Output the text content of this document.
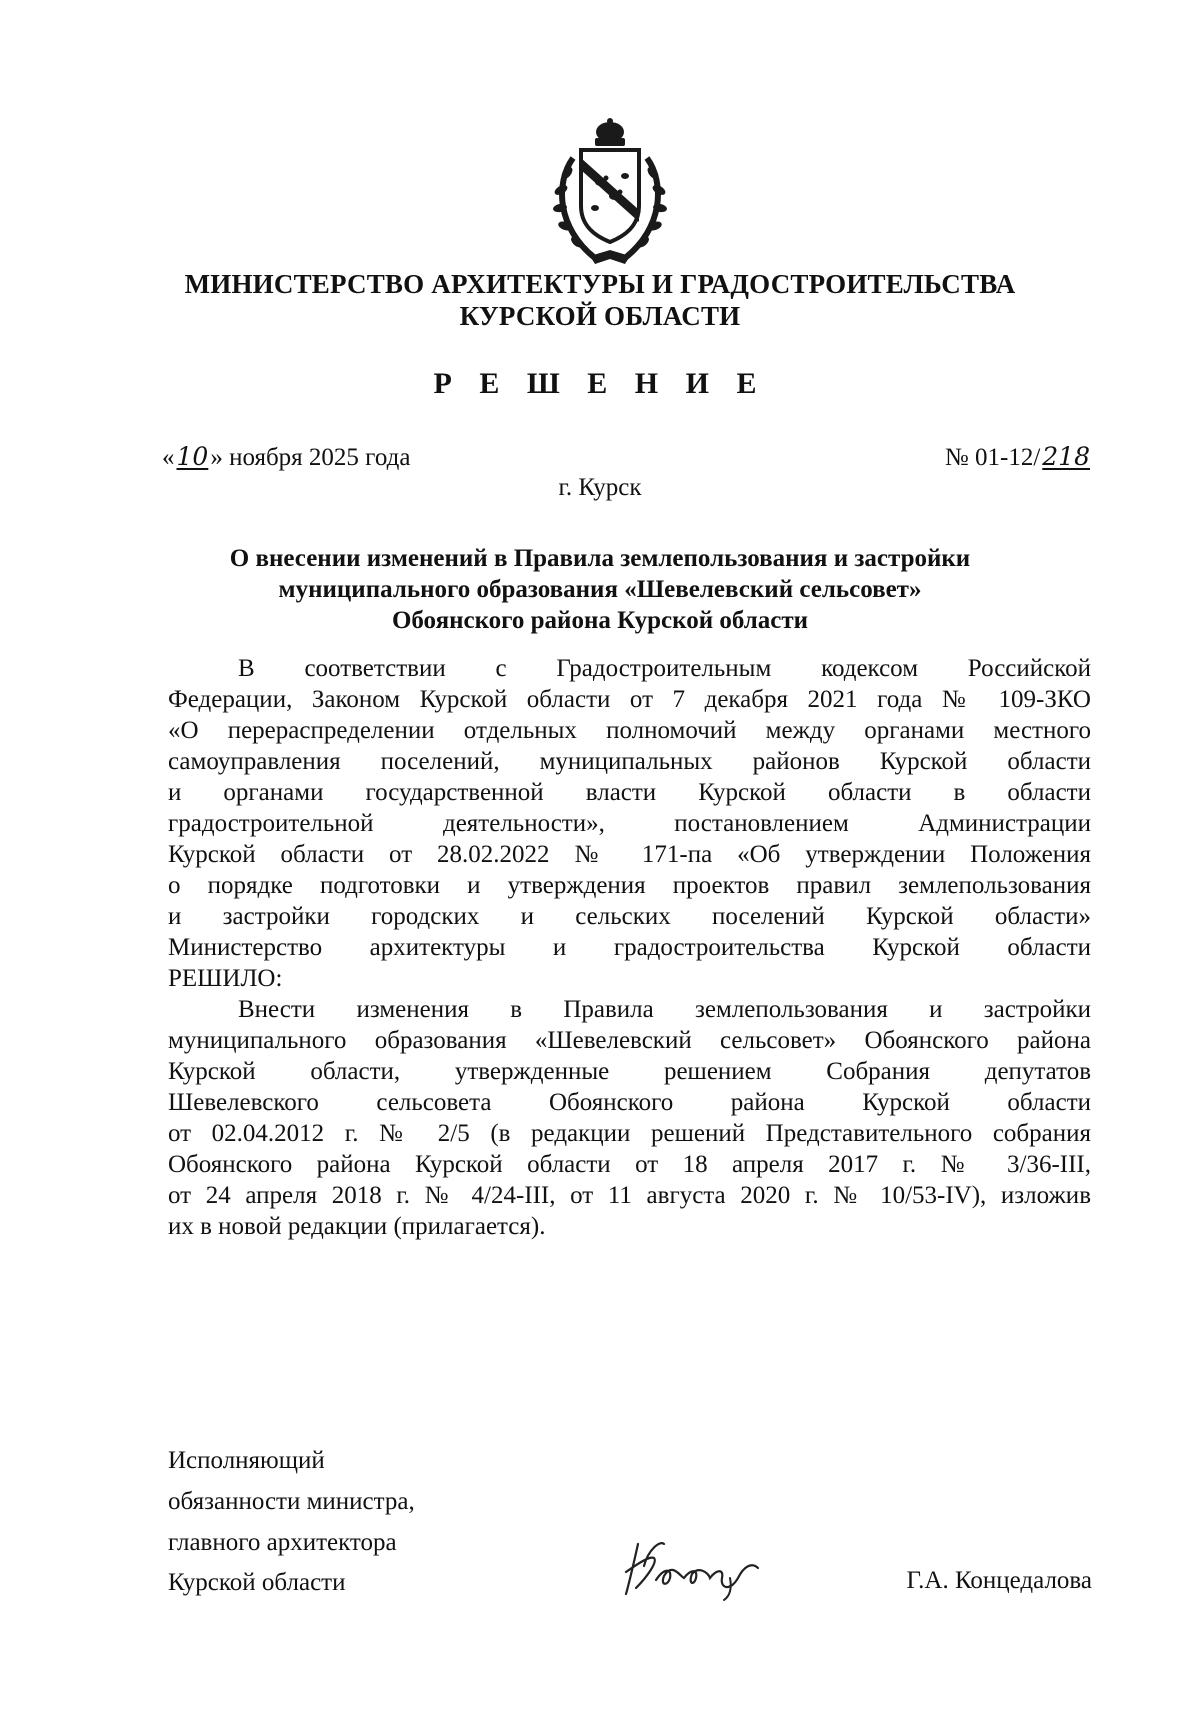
МИНИСТЕРСТВО АРХИТЕКТУРЫ И ГРАДОСТРОИТЕЛЬСТВА
КУРСКОЙ ОБЛАСТИ
Р Е Ш Е Н И Е
«10» ноября 2025 года	№ 01-12/218
г. Курск
О внесении изменений в Правила землепользования и застройки
муниципального образования «Шевелевский сельсовет»
Обоянского района Курской области
В соответствии с Градостроительным кодексом Российской
Федерации, Законом Курской области от 7 декабря 2021 года № 109-ЗКО
«О перераспределении отдельных полномочий между органами местного
самоуправления поселений, муниципальных районов Курской области
и органами государственной власти Курской области в области
градостроительной деятельности», постановлением Администрации
Курской области от 28.02.2022 № 171-па «Об утверждении Положения
о порядке подготовки и утверждения проектов правил землепользования
и застройки городских и сельских поселений Курской области»
Министерство архитектуры и градостроительства Курской области
РЕШИЛО:
Внести изменения в Правила землепользования и застройки
муниципального образования «Шевелевский сельсовет» Обоянского района
Курской области, утвержденные решением Собрания депутатов
Шевелевского сельсовета Обоянского района Курской области
от 02.04.2012 г. № 2/5 (в редакции решений Представительного собрания
Обоянского района Курской области от 18 апреля 2017 г. № 3/36-III,
от 24 апреля 2018 г. № 4/24-III, от 11 августа 2020 г. № 10/53-IV), изложив
их в новой редакции (прилагается).
Исполняющий
обязанности министра,
главного архитектора
Курской области	Г.А. Концедалова
